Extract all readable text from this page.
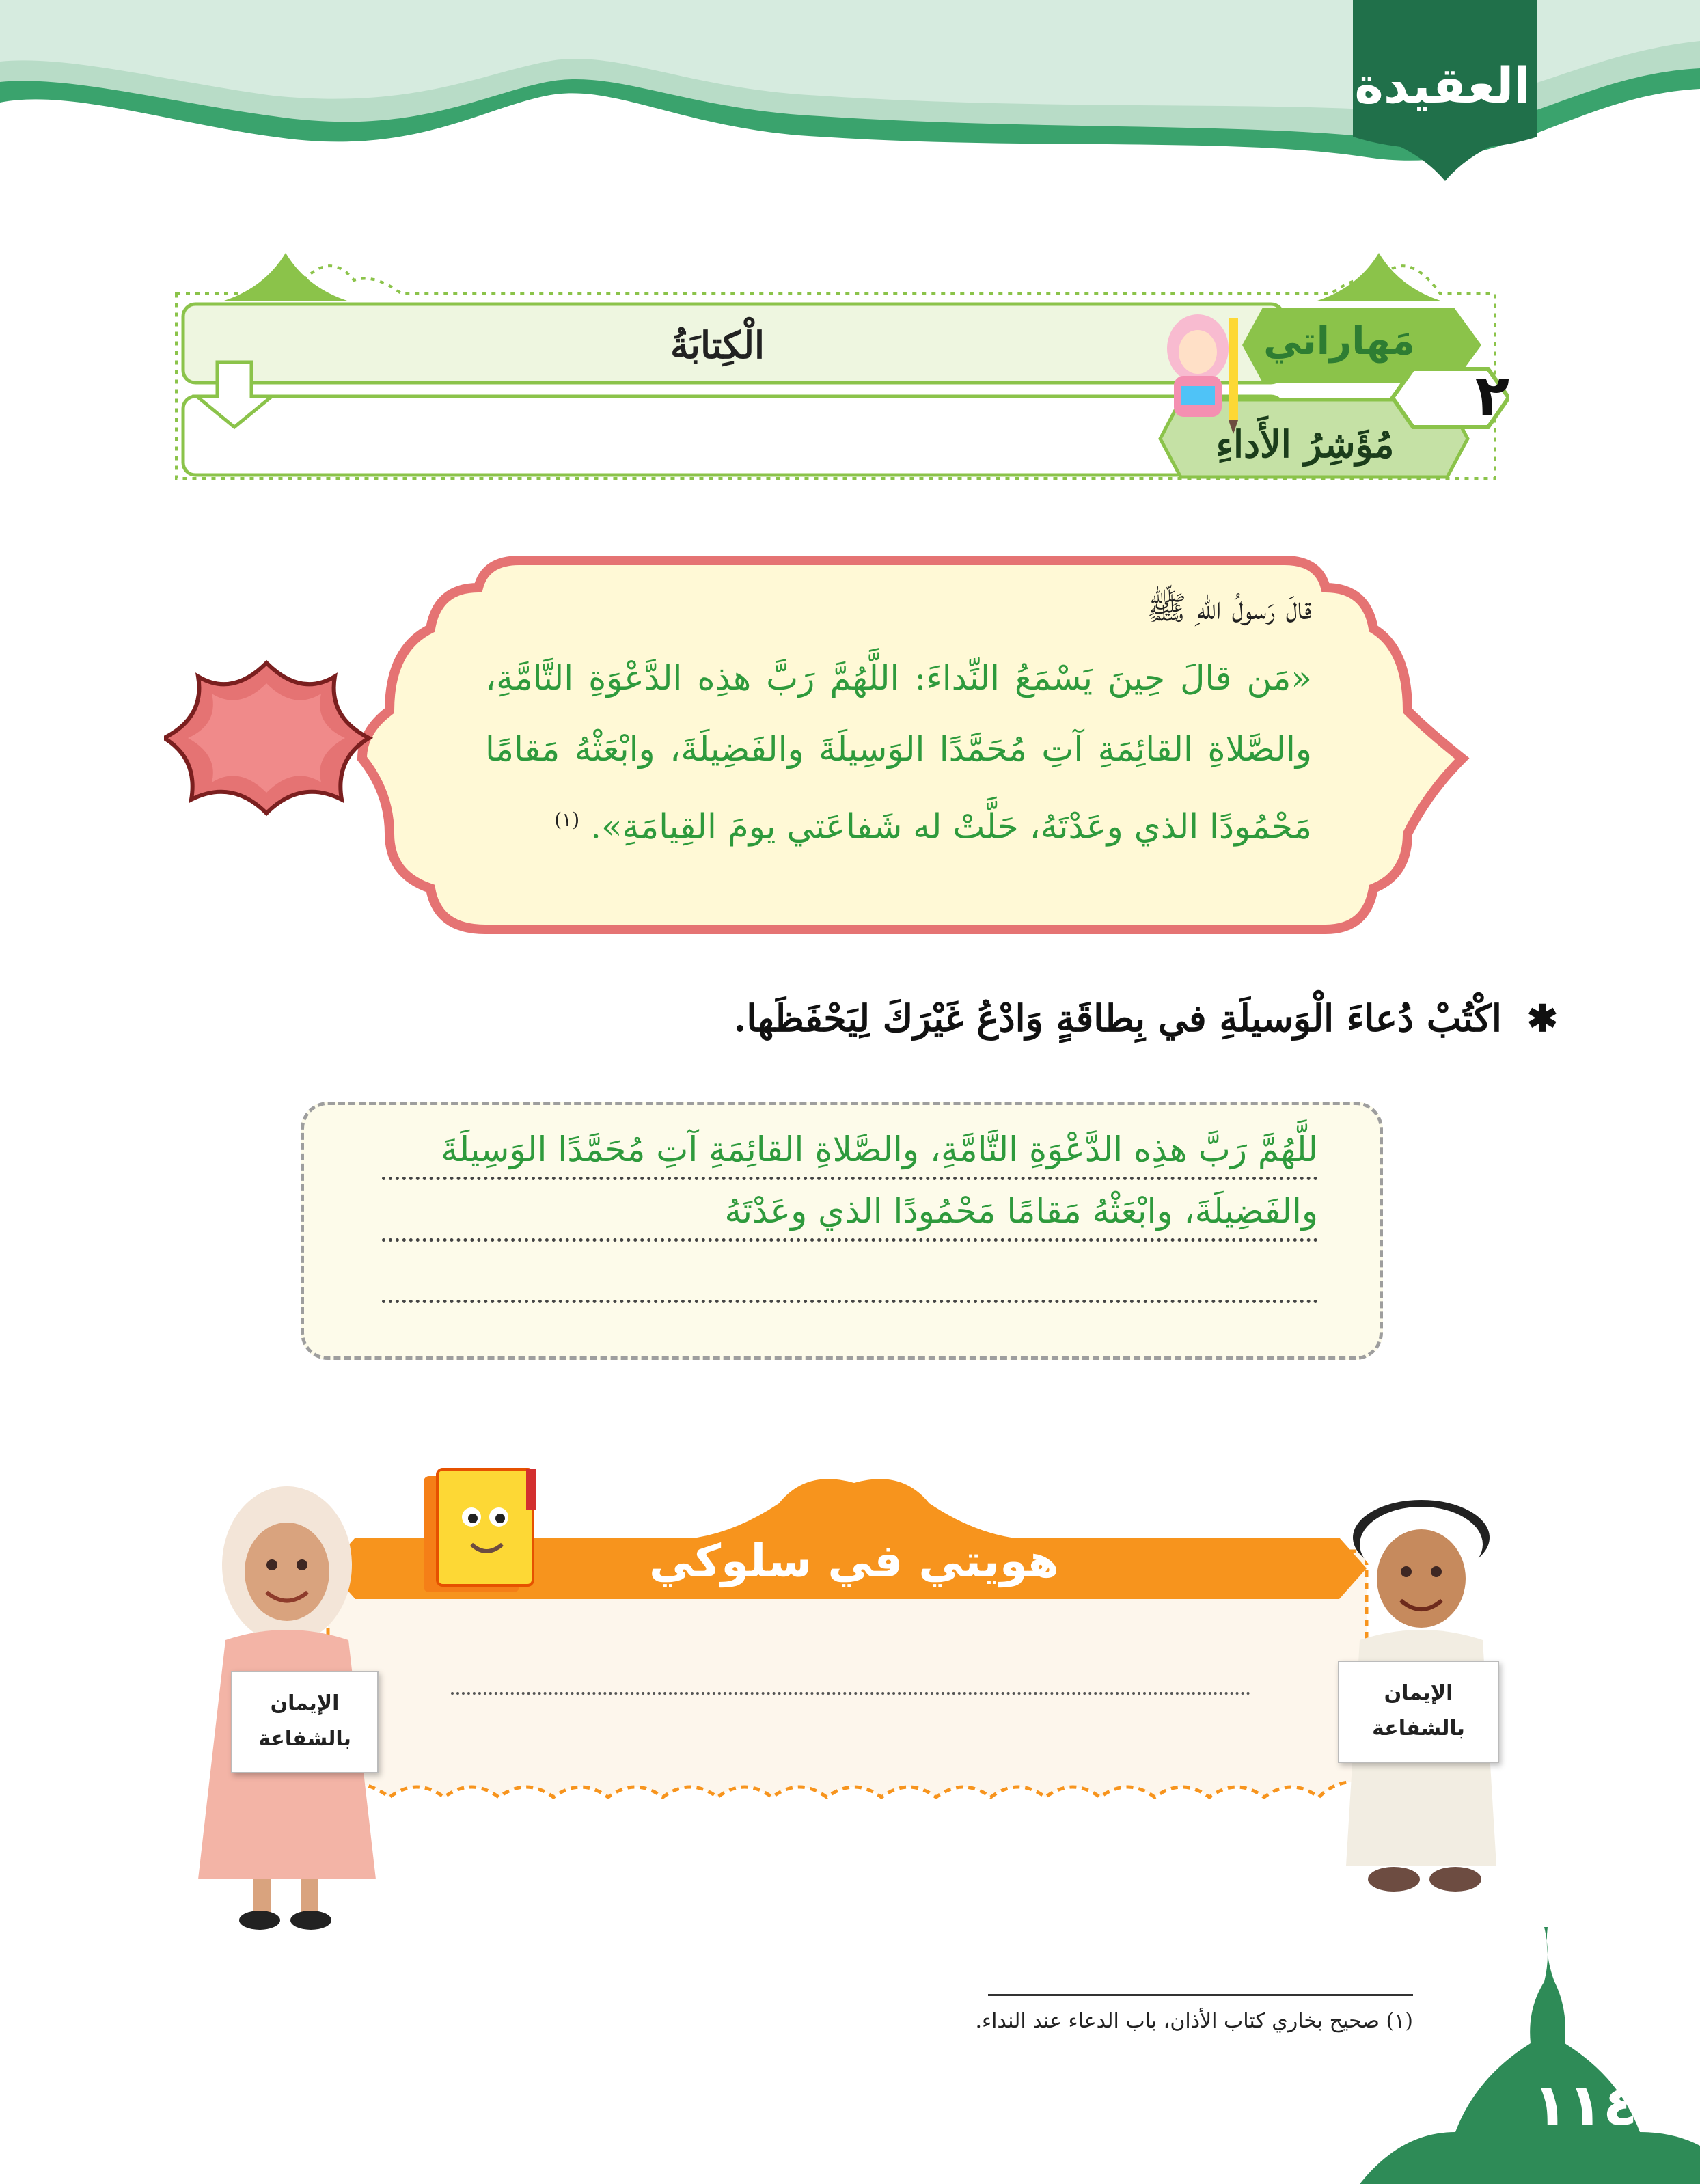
العقيدة
٢
مَهاراتي
الْكِتابَةُ
مُؤَشِرُ الأَداءِ
قالَ رَسولُ اللهِ ﷺ
«مَن قالَ حِينَ يَسْمَعُ النِّداءَ: اللَّهُمَّ رَبَّ هذِه الدَّعْوَةِ التَّامَّةِ، والصَّلاةِ القائِمَةِ آتِ مُحَمَّدًا الوَسِيلَةَ والفَضِيلَةَ، وابْعَثْهُ مَقامًا مَحْمُودًا الذي وعَدْتَهُ، حَلَّتْ له شَفاعَتي يومَ القِيامَةِ». $^{(١)}$
✱ اكْتُبْ دُعاءَ الْوَسيلَةِ في بِطاقَةٍ وَادْعُ غَيْرَكَ لِيَحْفَظَها.
للَّهُمَّ رَبَّ هذِه الدَّعْوَةِ التَّامَّةِ، والصَّلاةِ القائِمَةِ آتِ مُحَمَّدًا الوَسِيلَةَ
والفَضِيلَةَ، وابْعَثْهُ مَقامًا مَحْمُودًا الذي وعَدْتَهُ
هويتي في سلوكي
الإيمان
بالشفاعة
الإيمان
بالشفاعة
(١) صحيح بخاري كتاب الأذان، باب الدعاء عند النداء.
١١٤
